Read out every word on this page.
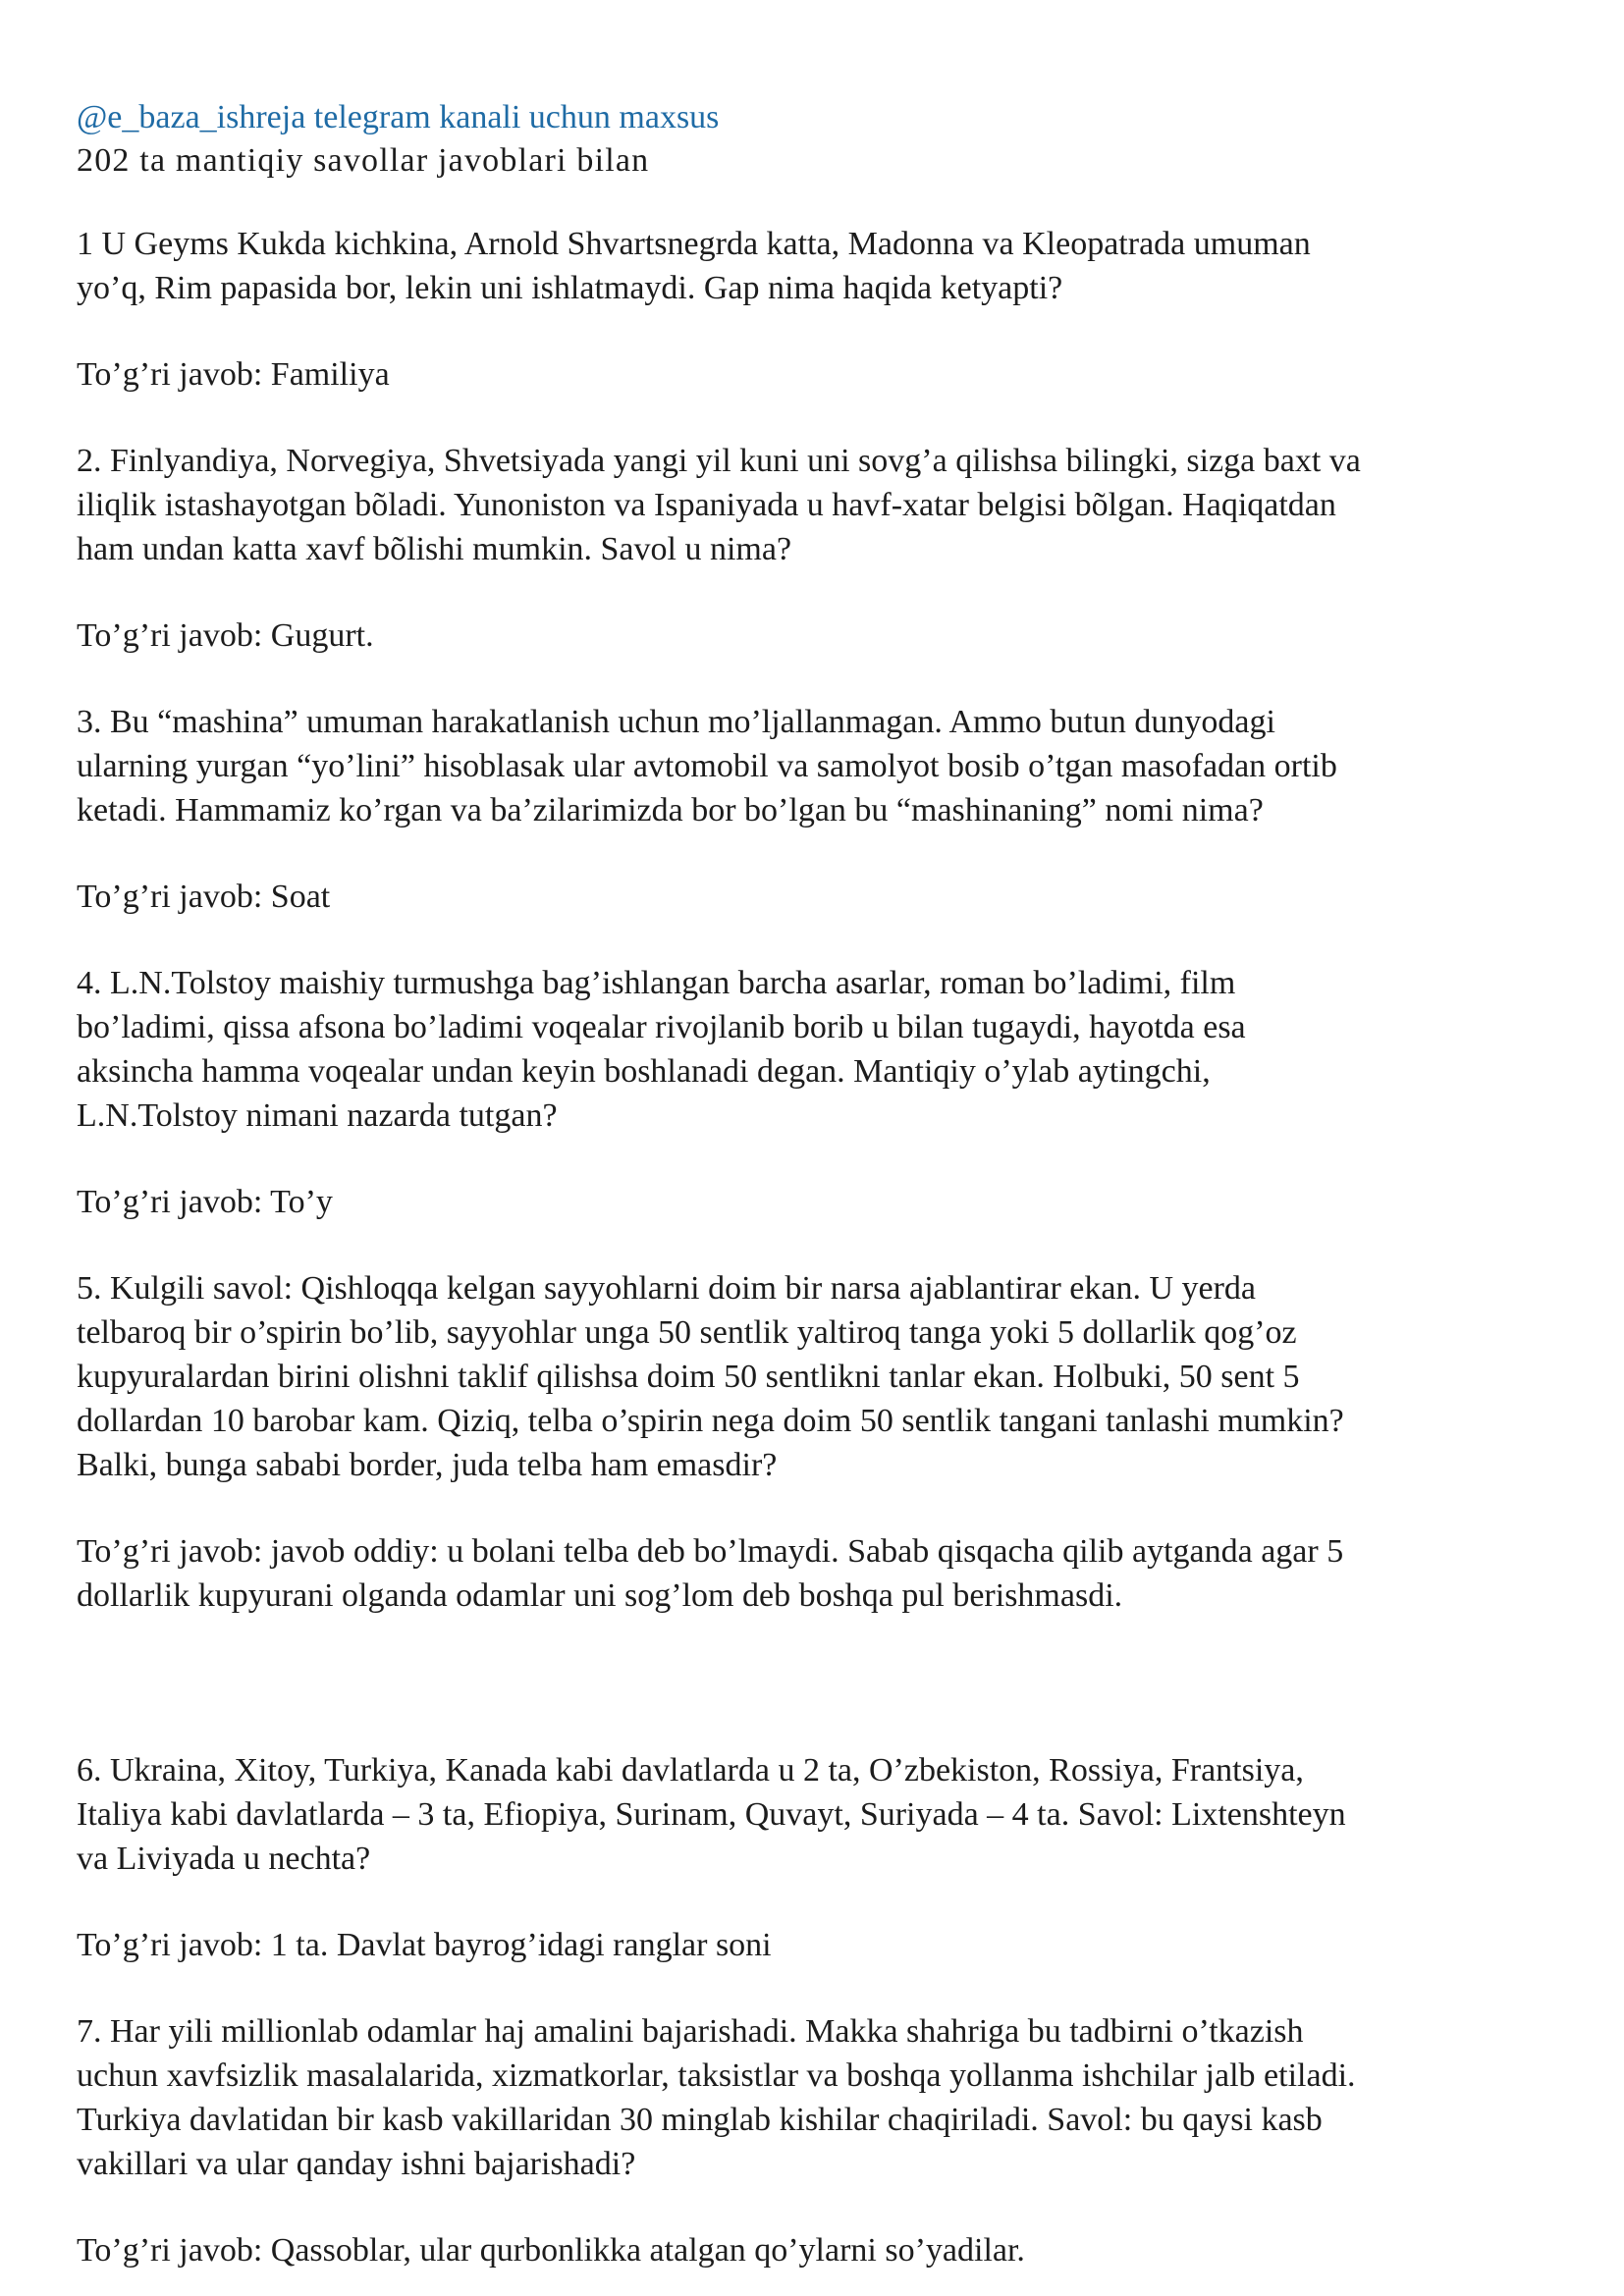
@e_baza_ishreja telegram kanali uchun maxsus

202 ta mantiqiy savollar javoblari bilan

1 U Geyms Kukda kichkina, Arnold Shvartsnegrda katta, Madonna va Kleopatrada umuman
yo’q, Rim papasida bor, lekin uni ishlatmaydi. Gap nima haqida ketyapti?

To’g’ri javob: Familiya

2. Finlyandiya, Norvegiya, Shvetsiyada yangi yil kuni uni sovg’a qilishsa bilingki, sizga baxt va
iliqlik istashayotgan bõladi. Yunoniston va Ispaniyada u havf-xatar belgisi bõlgan. Haqiqatdan
ham undan katta xavf bõlishi mumkin. Savol u nima?

To’g’ri javob: Gugurt.

3. Bu “mashina” umuman harakatlanish uchun mo’ljallanmagan. Ammo butun dunyodagi
ularning yurgan “yo’lini” hisoblasak ular avtomobil va samolyot bosib o’tgan masofadan ortib
ketadi. Hammamiz ko’rgan va ba’zilarimizda bor bo’lgan bu “mashinaning” nomi nima?

To’g’ri javob: Soat

4. L.N.Tolstoy maishiy turmushga bag’ishlangan barcha asarlar, roman bo’ladimi, film
bo’ladimi, qissa afsona bo’ladimi voqealar rivojlanib borib u bilan tugaydi, hayotda esa
aksincha hamma voqealar undan keyin boshlanadi degan. Mantiqiy o’ylab aytingchi,
L.N.Tolstoy nimani nazarda tutgan?

To’g’ri javob: To’y

5. Kulgili savol: Qishloqqa kelgan sayyohlarni doim bir narsa ajablantirar ekan. U yerda
telbaroq bir o’spirin bo’lib, sayyohlar unga 50 sentlik yaltiroq tanga yoki 5 dollarlik qog’oz
kupyuralardan birini olishni taklif qilishsa doim 50 sentlikni tanlar ekan. Holbuki, 50 sent 5
dollardan 10 barobar kam. Qiziq, telba o’spirin nega doim 50 sentlik tangani tanlashi mumkin?
Balki, bunga sababi border, juda telba ham emasdir?

To’g’ri javob: javob oddiy: u bolani telba deb bo’lmaydi. Sabab qisqacha qilib aytganda agar 5
dollarlik kupyurani olganda odamlar uni sog’lom deb boshqa pul berishmasdi.

6. Ukraina, Xitoy, Turkiya, Kanada kabi davlatlarda u 2 ta, O’zbekiston, Rossiya, Frantsiya,
Italiya kabi davlatlarda – 3 ta, Efiopiya, Surinam, Quvayt, Suriyada – 4 ta. Savol: Lixtenshteyn
va Liviyada u nechta?

To’g’ri javob: 1 ta. Davlat bayrog’idagi ranglar soni

7. Har yili millionlab odamlar haj amalini bajarishadi. Makka shahriga bu tadbirni o’tkazish
uchun xavfsizlik masalalarida, xizmatkorlar, taksistlar va boshqa yollanma ishchilar jalb etiladi.
Turkiya davlatidan bir kasb vakillaridan 30 minglab kishilar chaqiriladi. Savol: bu qaysi kasb
vakillari va ular qanday ishni bajarishadi?

To’g’ri javob: Qassoblar, ular qurbonlikka atalgan qo’ylarni so’yadilar.
